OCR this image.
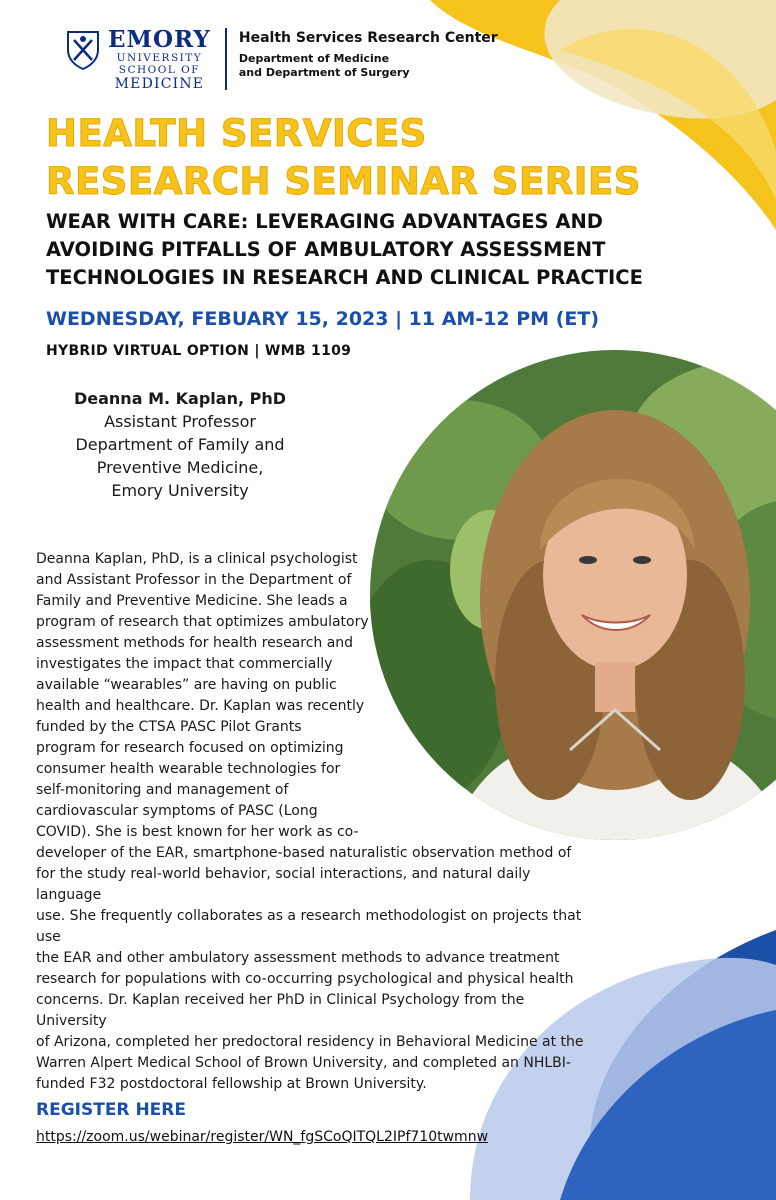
EMORY
UNIVERSITY
SCHOOL OF
MEDICINE
Health Services Research Center
Department of Medicine
and Department of Surgery
HEALTH SERVICES
RESEARCH SEMINAR SERIES
WEAR WITH CARE: LEVERAGING ADVANTAGES AND
AVOIDING PITFALLS OF AMBULATORY ASSESSMENT
TECHNOLOGIES IN RESEARCH AND CLINICAL PRACTICE
WEDNESDAY, FEBUARY 15, 2023 | 11 AM-12 PM (ET)
HYBRID VIRTUAL OPTION | WMB 1109
Deanna M. Kaplan, PhD
Assistant Professor
Department of Family and
Preventive Medicine,
Emory University
Deanna Kaplan, PhD, is a clinical psychologist
and Assistant Professor in the Department of
Family and Preventive Medicine. She leads a
program of research that optimizes ambulatory
assessment methods for health research and
investigates the impact that commercially
available “wearables” are having on public
health and healthcare. Dr. Kaplan was recently
funded by the CTSA PASC Pilot Grants
program for research focused on optimizing
consumer health wearable technologies for
self-monitoring and management of
cardiovascular symptoms of PASC (Long
COVID). She is best known for her work as co-
developer of the EAR, smartphone-based naturalistic observation method of
for the study real-world behavior, social interactions, and natural daily language
use. She frequently collaborates as a research methodologist on projects that use
the EAR and other ambulatory assessment methods to advance treatment
research for populations with co-occurring psychological and physical health
concerns. Dr. Kaplan received her PhD in Clinical Psychology from the University
of Arizona, completed her predoctoral residency in Behavioral Medicine at the
Warren Alpert Medical School of Brown University, and completed an NHLBI-
funded F32 postdoctoral fellowship at Brown University.
REGISTER HERE
https://zoom.us/webinar/register/WN_fgSCoQITQL2IPf710twmnw
